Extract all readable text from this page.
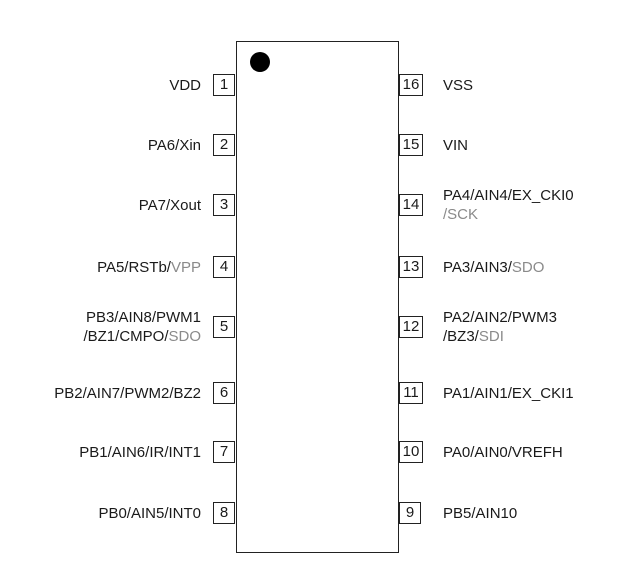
1
VDD
2
PA6/Xin
3
PA7/Xout
4
PA5/RSTb/VPP
5
PB3/AIN8/PWM1
/BZ1/CMPO/SDO
6
PB2/AIN7/PWM2/BZ2
7
PB1/AIN6/IR/INT1
8
PB0/AIN5/INT0
16 VSS
15 VIN
14
PA4/AIN4/EX_CKI0
/SCK
13 PA3/AIN3/SDO
12
PA2/AIN2/PWM3
/BZ3/SDI
11 PA1/AIN1/EX_CKI1
10 PA0/AIN0/VREFH
9	PB5/AIN10
